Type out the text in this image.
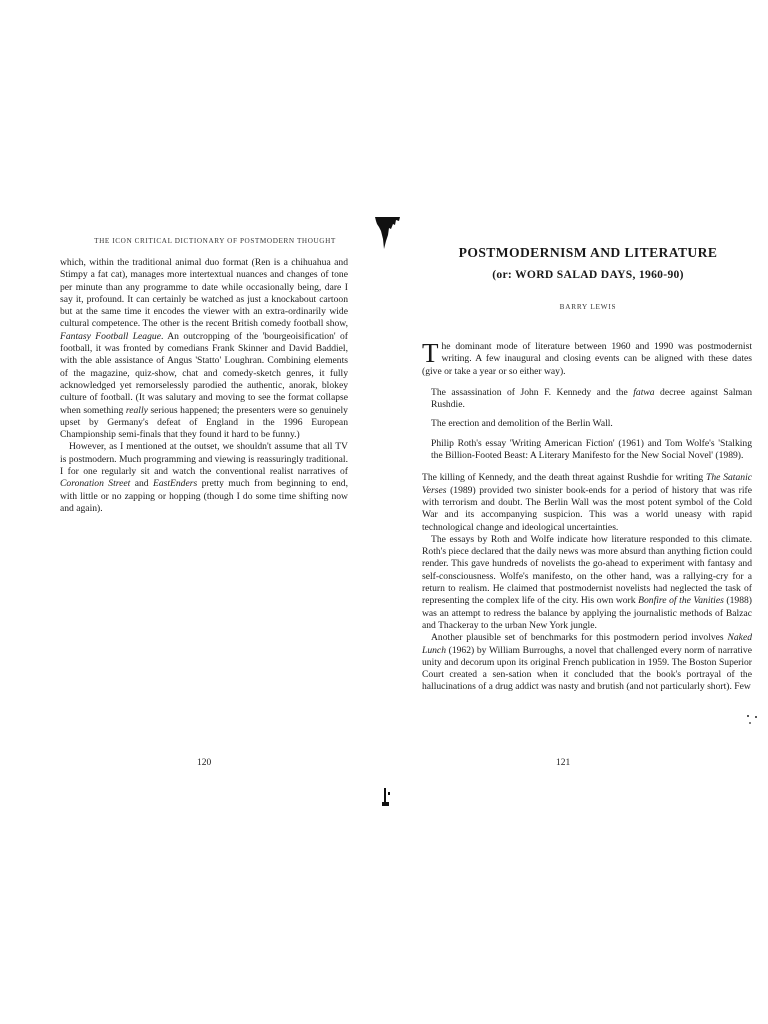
THE ICON CRITICAL DICTIONARY OF POSTMODERN THOUGHT

which, within the traditional animal duo format (Ren is a chihuahua and Stimpy a fat cat), manages more intertextual nuances and changes of tone per minute than any programme to date while occasionally being, dare I say it, profound. It can certainly be watched as just a knockabout cartoon but at the same time it encodes the viewer with an extra-ordinarily wide cultural competence. The other is the recent British comedy football show, Fantasy Football League. An outcropping of the 'bourgeoisification' of football, it was fronted by comedians Frank Skinner and David Baddiel, with the able assistance of Angus 'Statto' Loughran. Combining elements of the magazine, quiz-show, chat and comedy-sketch genres, it fully acknowledged yet remorselessly parodied the authentic, anorak, blokey culture of football. (It was salutary and moving to see the format collapse when something really serious happened; the presenters were so genuinely upset by Germany's defeat of England in the 1996 European Championship semi-finals that they found it hard to be funny.)

However, as I mentioned at the outset, we shouldn't assume that all TV is postmodern. Much programming and viewing is reassuringly traditional. I for one regularly sit and watch the conventional realist narratives of Coronation Street and EastEnders pretty much from beginning to end, with little or no zapping or hopping (though I do some time shifting now and again).

120
POSTMODERNISM AND LITERATURE
(or: WORD SALAD DAYS, 1960-90)
BARRY LEWIS

The dominant mode of literature between 1960 and 1990 was postmodernist writing. A few inaugural and closing events can be aligned with these dates (give or take a year or so either way).

The assassination of John F. Kennedy and the fatwa decree against Salman Rushdie.

The erection and demolition of the Berlin Wall.

Philip Roth's essay 'Writing American Fiction' (1961) and Tom Wolfe's 'Stalking the Billion-Footed Beast: A Literary Manifesto for the New Social Novel' (1989).

The killing of Kennedy, and the death threat against Rushdie for writing The Satanic Verses (1989) provided two sinister book-ends for a period of history that was rife with terrorism and doubt. The Berlin Wall was the most potent symbol of the Cold War and its accompanying suspicion. This was a world uneasy with rapid technological change and ideological uncertainties.

The essays by Roth and Wolfe indicate how literature responded to this climate. Roth's piece declared that the daily news was more absurd than anything fiction could render. This gave hundreds of novelists the go-ahead to experiment with fantasy and self-consciousness. Wolfe's manifesto, on the other hand, was a rallying-cry for a return to realism. He claimed that postmodernist novelists had neglected the task of representing the complex life of the city. His own work Bonfire of the Vanities (1988) was an attempt to redress the balance by applying the journalistic methods of Balzac and Thackeray to the urban New York jungle.

Another plausible set of benchmarks for this postmodern period involves Naked Lunch (1962) by William Burroughs, a novel that challenged every norm of narrative unity and decorum upon its original French publication in 1959. The Boston Superior Court created a sen-sation when it concluded that the book's portrayal of the hallucinations of a drug addict was nasty and brutish (and not particularly short). Few

121
